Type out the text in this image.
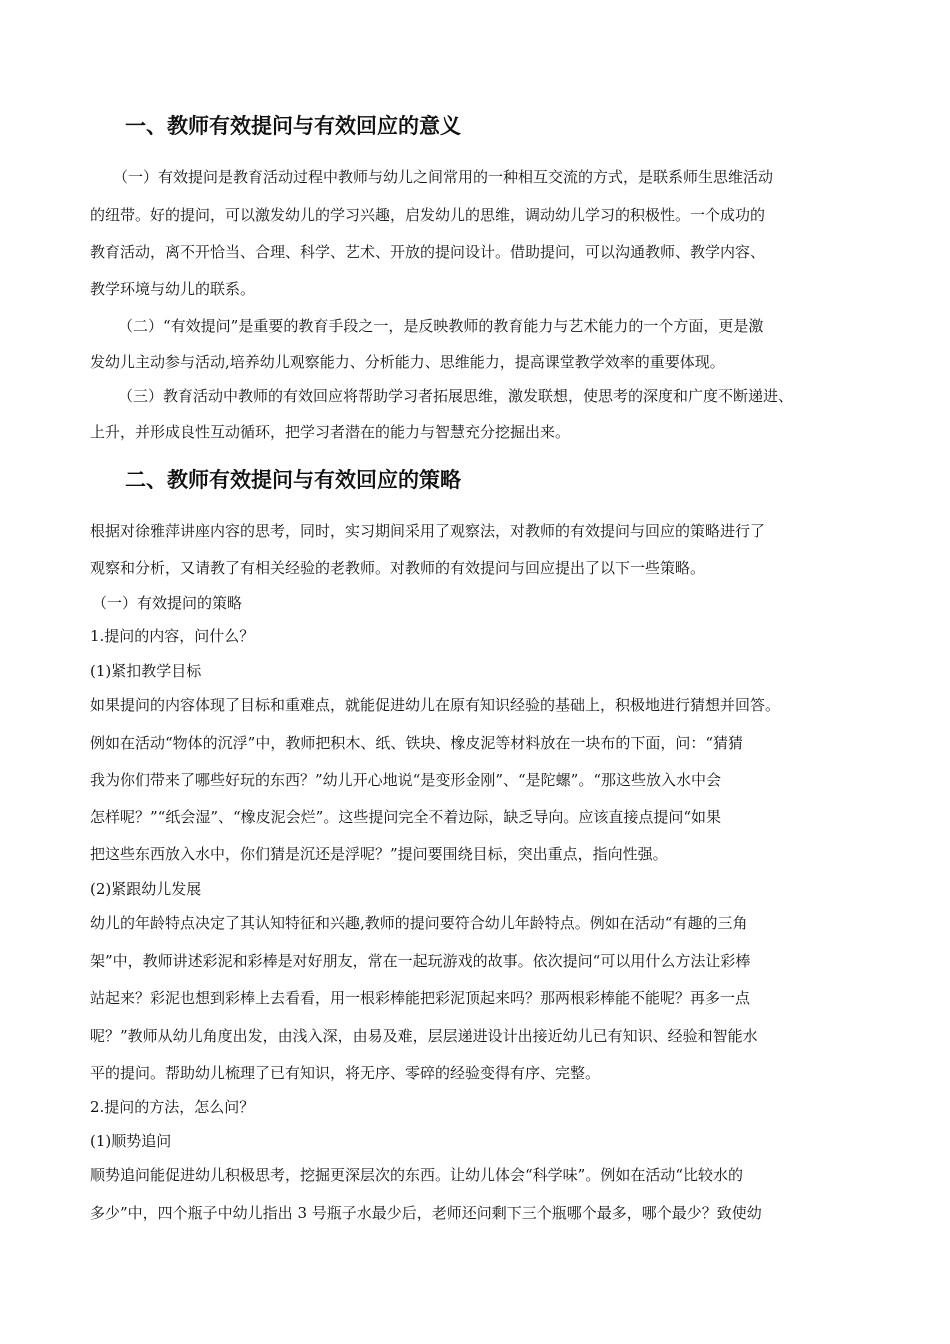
一、教师有效提问与有效回应的意义

（一）有效提问是教育活动过程中教师与幼儿之间常用的一种相互交流的方式，是联系师生思维活动

的纽带。好的提问，可以激发幼儿的学习兴趣，启发幼儿的思维，调动幼儿学习的积极性。一个成功的

教育活动，离不开恰当、合理、科学、艺术、开放的提问设计。借助提问，可以沟通教师、教学内容、

教学环境与幼儿的联系。

（二）“有效提问”是重要的教育手段之一，是反映教师的教育能力与艺术能力的一个方面，更是激

发幼儿主动参与活动,培养幼儿观察能力、分析能力、思维能力，提高课堂教学效率的重要体现。

（三）教育活动中教师的有效回应将帮助学习者拓展思维，激发联想，使思考的深度和广度不断递进、

上升，并形成良性互动循环，把学习者潜在的能力与智慧充分挖掘出来。

二、教师有效提问与有效回应的策略

根据对徐雅萍讲座内容的思考，同时，实习期间采用了观察法，对教师的有效提问与回应的策略进行了

观察和分析，又请教了有相关经验的老教师。对教师的有效提问与回应提出了以下一些策略。

（一）有效提问的策略

1.提问的内容，问什么？

(1)紧扣教学目标

如果提问的内容体现了目标和重难点，就能促进幼儿在原有知识经验的基础上，积极地进行猜想并回答。

例如在活动“物体的沉浮”中，教师把积木、纸、铁块、橡皮泥等材料放在一块布的下面，问：“猜猜

我为你们带来了哪些好玩的东西？”幼儿开心地说“是变形金刚”、“是陀螺”。“那这些放入水中会

怎样呢？”“纸会湿”、“橡皮泥会烂”。这些提问完全不着边际，缺乏导向。应该直接点提问“如果

把这些东西放入水中，你们猜是沉还是浮呢？”提问要围绕目标，突出重点，指向性强。

(2)紧跟幼儿发展

幼儿的年龄特点决定了其认知特征和兴趣,教师的提问要符合幼儿年龄特点。例如在活动“有趣的三角

架”中，教师讲述彩泥和彩棒是对好朋友，常在一起玩游戏的故事。依次提问“可以用什么方法让彩棒

站起来？彩泥也想到彩棒上去看看，用一根彩棒能把彩泥顶起来吗？那两根彩棒能不能呢？再多一点

呢？”教师从幼儿角度出发，由浅入深，由易及难，层层递进设计出接近幼儿已有知识、经验和智能水

平的提问。帮助幼儿梳理了已有知识，将无序、零碎的经验变得有序、完整。

2.提问的方法，怎么问？

(1)顺势追问

顺势追问能促进幼儿积极思考，挖掘更深层次的东西。让幼儿体会“科学味”。例如在活动“比较水的

多少”中，四个瓶子中幼儿指出 3 号瓶子水最少后，老师还问剩下三个瓶哪个最多，哪个最少？致使幼
